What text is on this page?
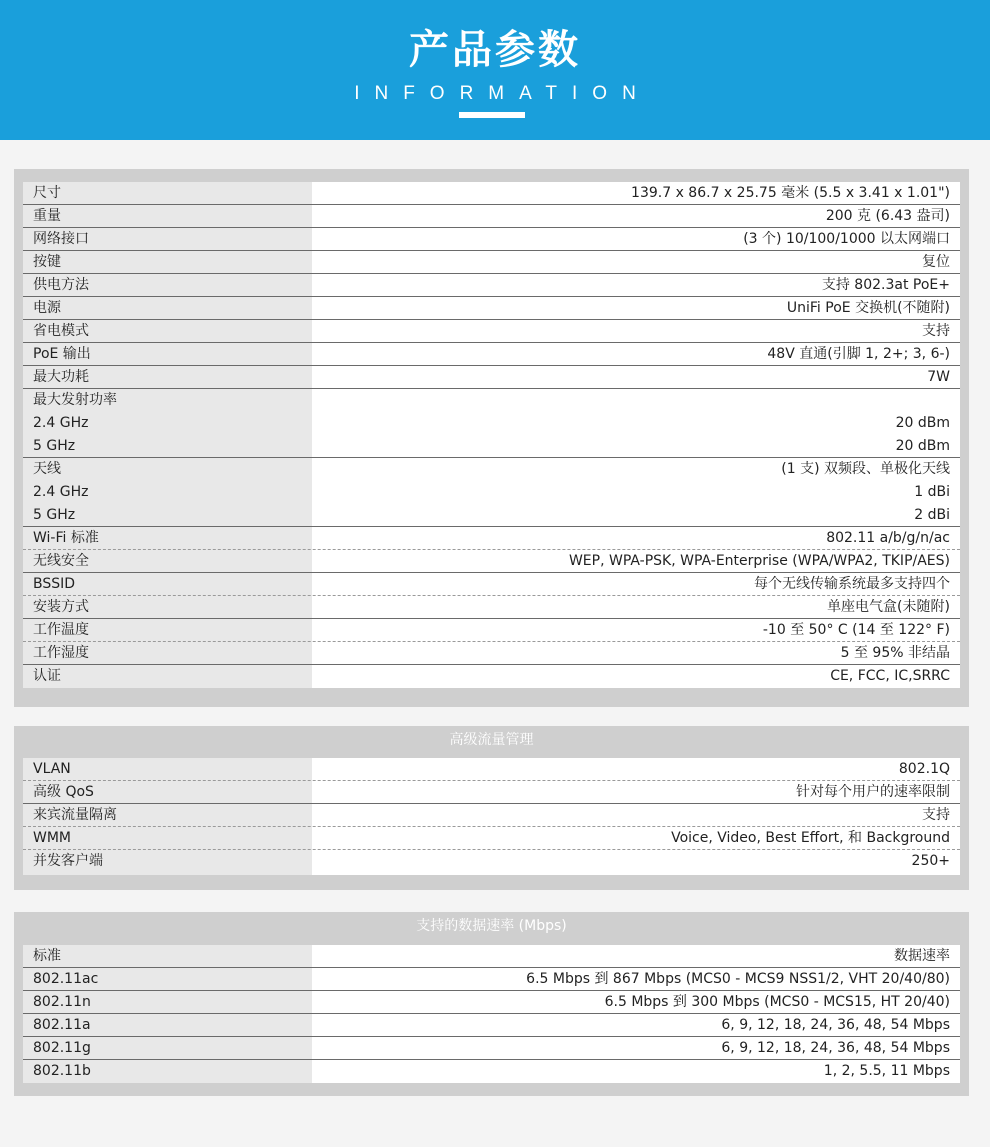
产品参数
INFORMATION
尺寸	139.7 x 86.7 x 25.75 毫米 (5.5 x 3.41 x 1.01")
重量	200 克 (6.43 盎司)
网络接口	(3 个) 10/100/1000 以太网端口
按键	复位
供电方法	支持 802.3at PoE+
电源	UniFi PoE 交换机(不随附)
省电模式	支持
PoE 输出	48V 直通(引脚 1, 2+; 3, 6-)
最大功耗	7W
最大发射功率
2.4 GHz	20 dBm
5 GHz	20 dBm
天线	(1 支) 双频段、单极化天线
2.4 GHz	1 dBi
5 GHz	2 dBi
Wi-Fi 标准	802.11 a/b/g/n/ac
无线安全	WEP, WPA-PSK, WPA-Enterprise (WPA/WPA2, TKIP/AES)
BSSID	每个无线传输系统最多支持四个
安装方式	单座电气盒(未随附)
工作温度	-10 至 50° C (14 至 122° F)
工作湿度	5 至 95% 非结晶
认证	CE, FCC, IC,SRRC
高级流量管理
VLAN	802.1Q
高级 QoS	针对每个用户的速率限制
来宾流量隔离	支持
WMM	Voice, Video, Best Effort, 和 Background
并发客户端	250+
支持的数据速率 (Mbps)
标准	数据速率
802.11ac	6.5 Mbps 到 867 Mbps (MCS0 - MCS9 NSS1/2, VHT 20/40/80)
802.11n	6.5 Mbps 到 300 Mbps (MCS0 - MCS15, HT 20/40)
802.11a	6, 9, 12, 18, 24, 36, 48, 54 Mbps
802.11g	6, 9, 12, 18, 24, 36, 48, 54 Mbps
802.11b	1, 2, 5.5, 11 Mbps
